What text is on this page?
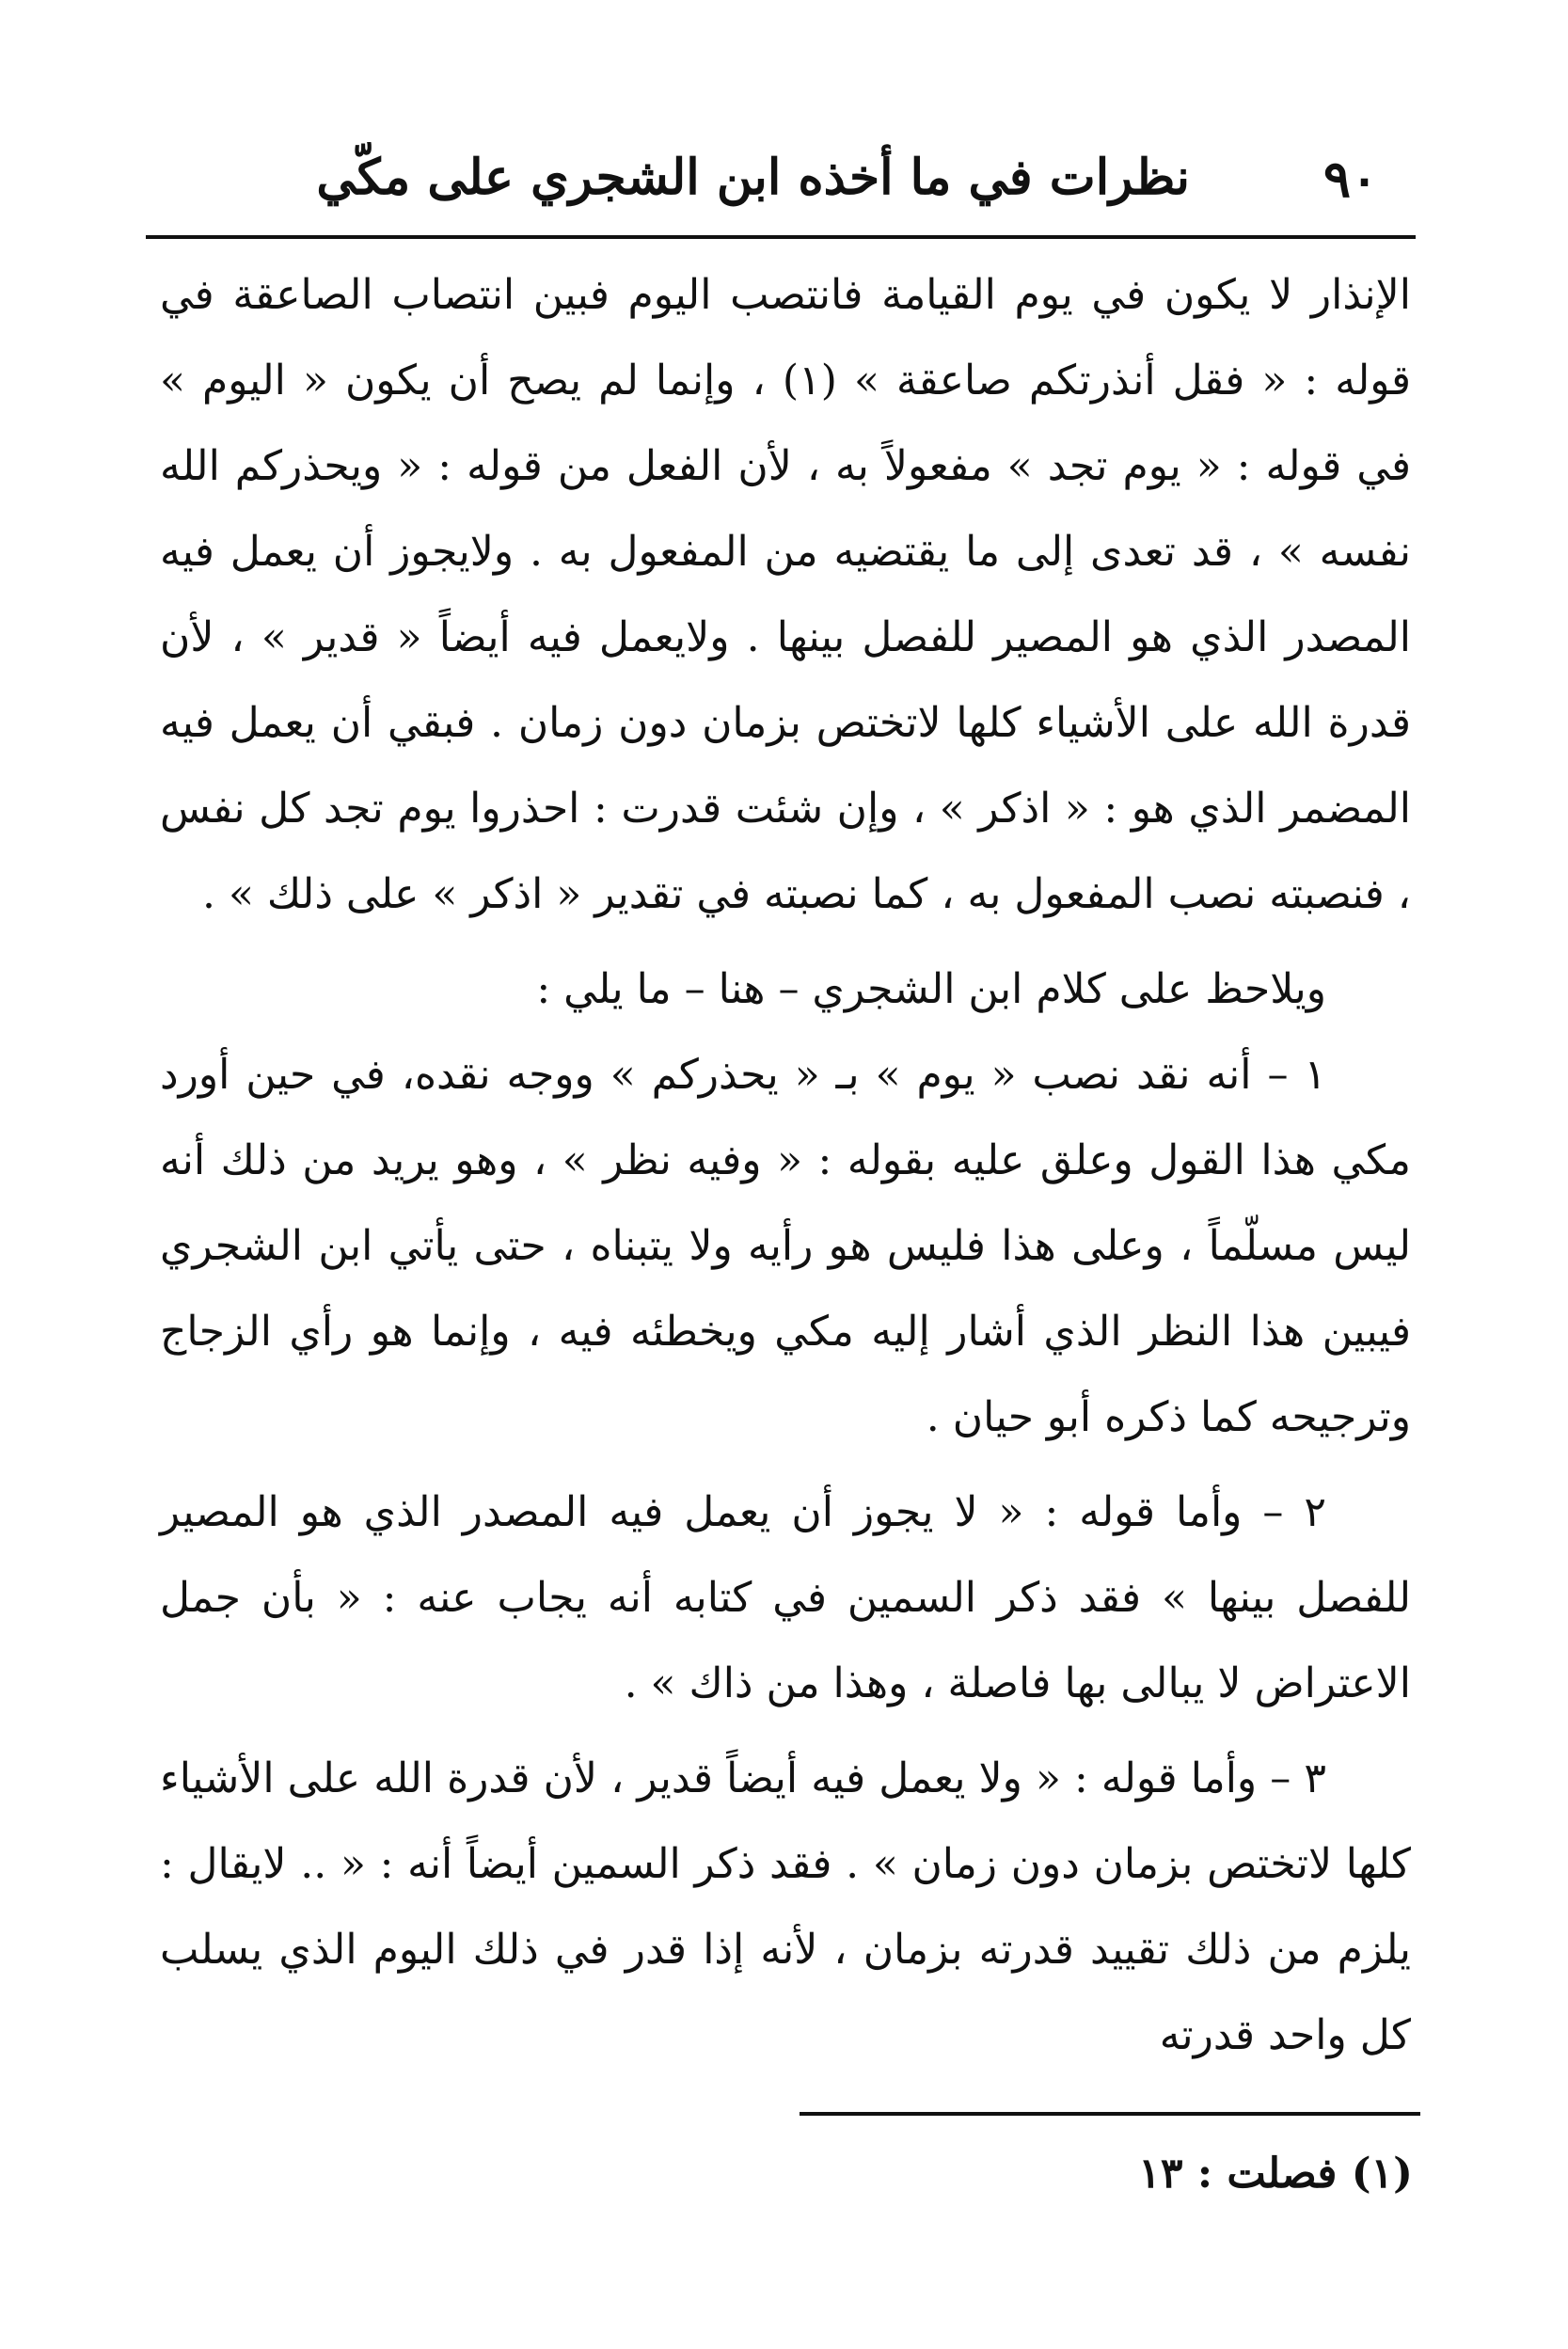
٩٠
نظرات في ما أخذه ابن الشجري على مكّي

الإنذار لا يكون في يوم القيامة فانتصب اليوم فبين انتصاب الصاعقة في قوله : « فقل أنذرتكم صاعقة » (١) ، وإنما لم يصح أن يكون « اليوم » في قوله : « يوم تجد » مفعولاً به ، لأن الفعل من قوله : « ويحذركم الله نفسه » ، قد تعدى إلى ما يقتضيه من المفعول به . ولايجوز أن يعمل فيه المصدر الذي هو المصير للفصل بينها . ولايعمل فيه أيضاً « قدير » ، لأن قدرة الله على الأشياء كلها لاتختص بزمان دون زمان . فبقي أن يعمل فيه المضمر الذي هو : « اذكر » ، وإن شئت قدرت : احذروا يوم تجد كل نفس ، فنصبته نصب المفعول به ، كما نصبته في تقدير « اذكر » على ذلك » .

ويلاحظ على كلام ابن الشجري – هنا – ما يلي :

١ – أنه نقد نصب « يوم » بـ « يحذركم » ووجه نقده، في حين أورد مكي هذا القول وعلق عليه بقوله : « وفيه نظر » ، وهو يريد من ذلك أنه ليس مسلّماً ، وعلى هذا فليس هو رأيه ولا يتبناه ، حتى يأتي ابن الشجري فيبين هذا النظر الذي أشار إليه مكي ويخطئه فيه ، وإنما هو رأي الزجاج وترجيحه كما ذكره أبو حيان .

٢ – وأما قوله : « لا يجوز أن يعمل فيه المصدر الذي هو المصير للفصل بينها » فقد ذكر السمين في كتابه أنه يجاب عنه : « بأن جمل الاعتراض لا يبالى بها فاصلة ، وهذا من ذاك » .

٣ – وأما قوله : « ولا يعمل فيه أيضاً قدير ، لأن قدرة الله على الأشياء كلها لاتختص بزمان دون زمان » . فقد ذكر السمين أيضاً أنه : « .. لايقال : يلزم من ذلك تقييد قدرته بزمان ، لأنه إذا قدر في ذلك اليوم الذي يسلب كل واحد قدرته

(١) فصلت : ١٣
